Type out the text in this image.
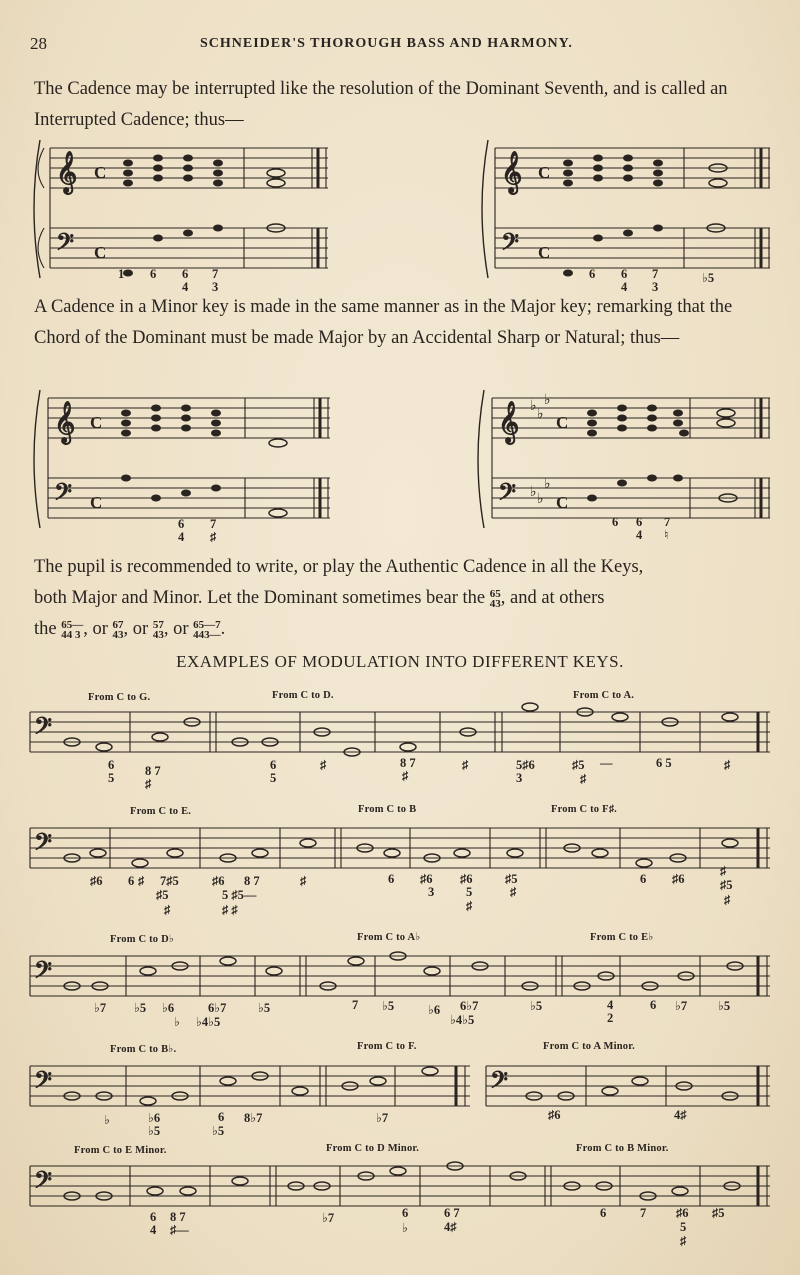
28	SCHNEIDER'S THOROUGH BASS AND HARMONY.
The Cadence may be interrupted like the resolution of the Dominant Seventh, and is called an Interrupted Cadence; thus—
𝄞
𝄢
C
C
𝄞
𝄢
C
C
1 6 6
4
7
3
6 6
4
7
3
♭5
𝄞
𝄢
C
C
𝄞
𝄢
♭
♭
♭
♭ ♭
♭
C
C
6
4
7
♯
6 6
4
7
♮
𝄢
𝄢
𝄢
𝄢	𝄢
𝄢
A Cadence in a Minor key is made in the same manner as in the Major key; remarking that the Chord of the Dominant must be made Major by an Accidental Sharp or Natural; thus—
The pupil is recommended to write, or play the Authentic Cadence in all the Keys,
both Major and Minor. Let the Dominant sometimes bear the 6
45
3, and at others
the 6
45
4—
3 , or 6
47
3, or 5
47
3, or 6
45
4—7
3—.
EXAMPLES OF MODULATION INTO DIFFERENT KEYS.
From C to G.	From C to D.	From C to A.
From C to E.	From C to B	From C to F♯.
From C to D♭	From C to A♭	From C to E♭
From C to B♭.	From C to F.	From C to A Minor.
From C to E Minor.	From C to D Minor.	From C to B Minor.
6
5 8 7
♯
6
5
♯	8 7
♯
♯	5♯6
3
♯5 —
♯
6 5	♯
♯6 6 ♯ 7♯5
♯5
♯
♯6 8 7
5 ♯5—
♯ ♯
♯	6 ♯6
3
♯6
5
♯
♯5
♯
6 ♯6
♯
♯5
♯
♭7 ♭5 ♭6
♭
6♭7
♭4♭5
♭5	7 ♭5	♭6 6♭7
♭4♭5
♭5	4
2
6 ♭7 ♭5
♭	♭6
♭5
6
♭5
8♭7	♭7	♯6	4♯
6
4
8 7
♯—
♭7	6
♭
6 7
4♯
6	7 ♯6
5
♯
♯5
